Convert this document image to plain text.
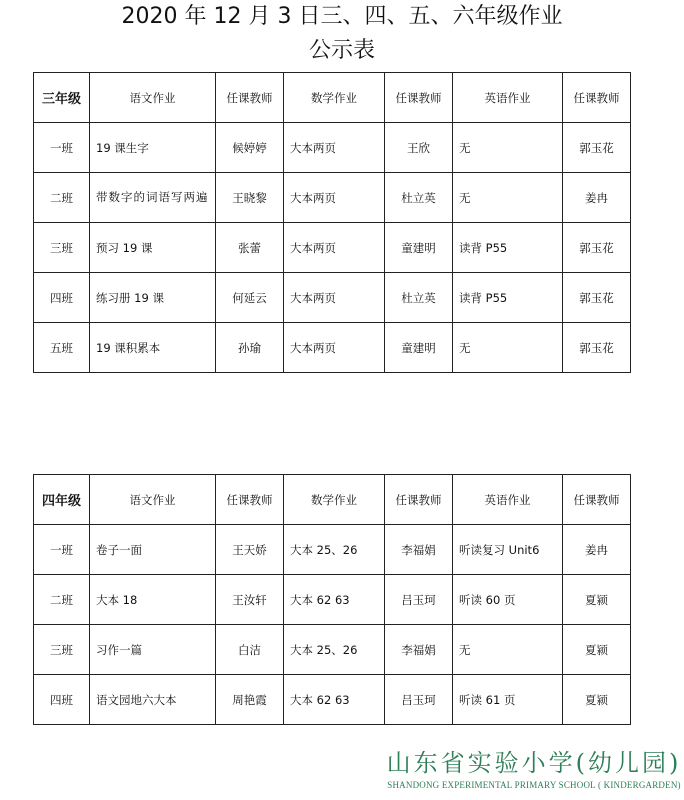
2020 年 12 月 3 日三、四、五、六年级作业
公示表
三年级	语文作业	任课教师	数学作业	任课教师	英语作业	任课教师
一班	19 课生字	候婷婷	大本两页	王欣	无	郭玉花
二班	带数字的词语写两遍	王晓黎	大本两页	杜立英	无	姜冉
三班	预习 19 课	张蕾	大本两页	童建明	读背 P55	郭玉花
四班	练习册 19 课	何延云	大本两页	杜立英	读背 P55	郭玉花
五班	19 课积累本	孙瑜	大本两页	童建明	无	郭玉花
四年级	语文作业	任课教师	数学作业	任课教师	英语作业	任课教师
一班	卷子一面	王天娇	大本 25、26	李福娟	听读复习 Unit6	姜冉
二班	大本 18	王汝轩	大本 62 63	吕玉珂	听读 60 页	夏颍
三班	习作一篇	白洁	大本 25、26	李福娟	无	夏颍
四班	语文园地六大本	周艳霞	大本 62 63	吕玉珂	听读 61 页	夏颍
山东省实验小学(幼儿园)
SHANDONG EXPERIMENTAL PRIMARY SCHOOL ( KINDERGARDEN)
